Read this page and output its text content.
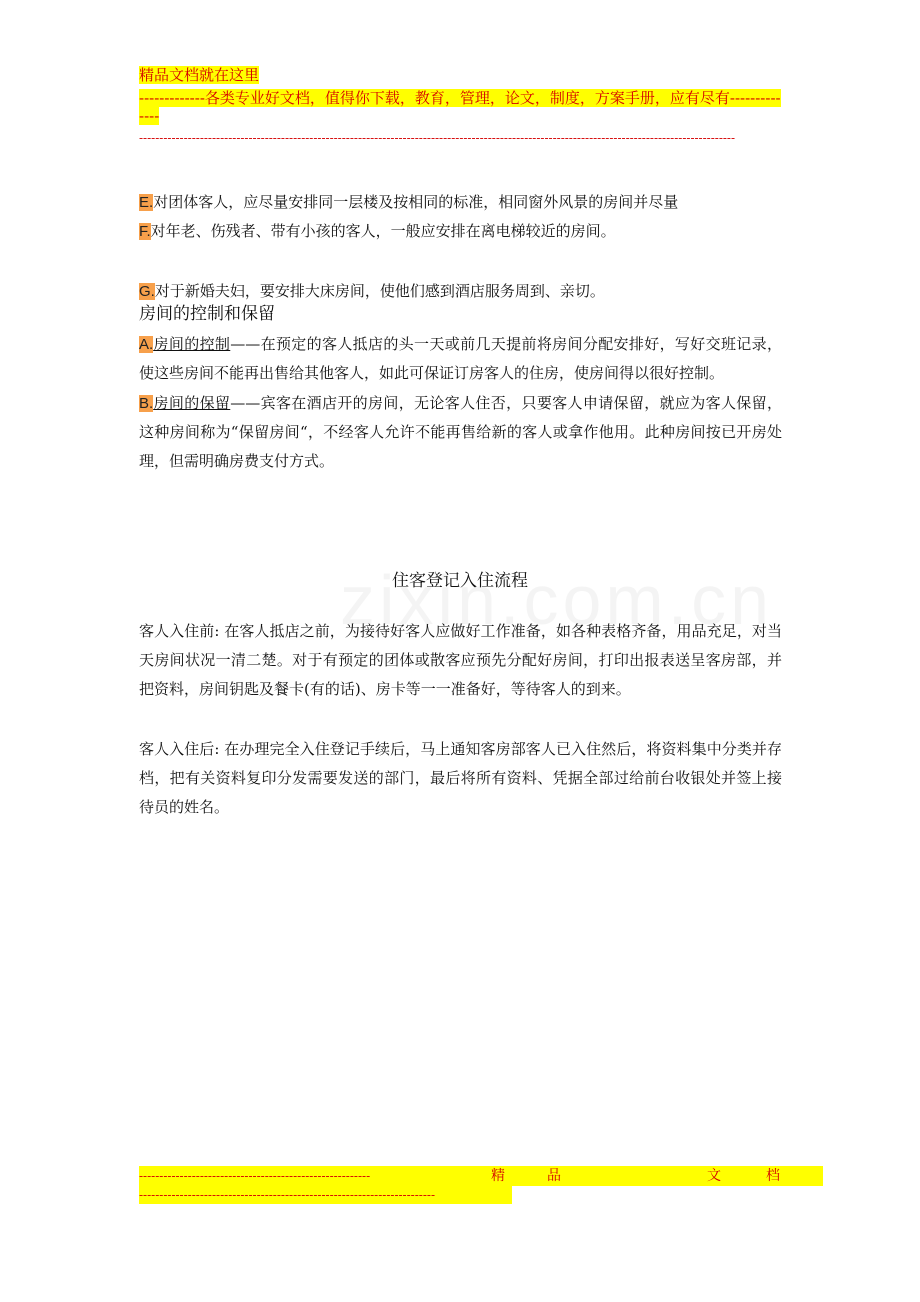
精品文档就在这里
-------------各类专业好文档，值得你下载，教育，管理，论文，制度，方案手册，应有尽有--------------
---------------------------------------------------------------------------------------------------------------------------------------------------
E.对团体客人，应尽量安排同一层楼及按相同的标准，相同窗外风景的房间并尽量
F.对年老、伤残者、带有小孩的客人，一般应安排在离电梯较近的房间。
G.对于新婚夫妇，要安排大床房间，使他们感到酒店服务周到、亲切。
房间的控制和保留
A.房间的控制——在预定的客人抵店的头一天或前几天提前将房间分配安排好，写好交班记录，使这些房间不能再出售给其他客人，如此可保证订房客人的住房，使房间得以很好控制。
B.房间的保留——宾客在酒店开的房间，无论客人住否，只要客人申请保留，就应为客人保留，这种房间称为“保留房间“，不经客人允许不能再售给新的客人或拿作他用。此种房间按已开房处理，但需明确房费支付方式。
住客登记入住流程
客人入住前: 在客人抵店之前，为接待好客人应做好工作准备，如各种表格齐备，用品充足，对当天房间状况一清二楚。对于有预定的团体或散客应预先分配好房间，打印出报表送呈客房部，并把资料，房间钥匙及餐卡(有的话)、房卡等一一准备好，等待客人的到来。
客人入住后: 在办理完全入住登记手续后，马上通知客房部客人已入住然后，将资料集中分类并存档，把有关资料复印分发需要发送的部门，最后将所有资料、凭据全部过给前台收银处并签上接待员的姓名。
---------------------------------------------------------	精	品	文	档
-------------------------------------------------------------------------
